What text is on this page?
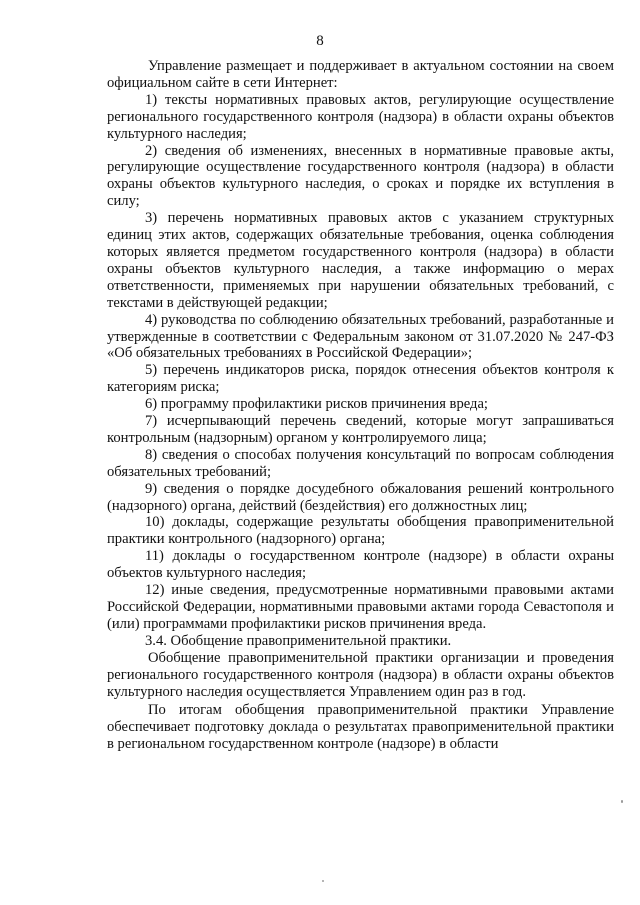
8

Управление размещает и поддерживает в актуальном состоянии на своем официальном сайте в сети Интернет:

1) тексты нормативных правовых актов, регулирующие осуществление регионального государственного контроля (надзора) в области охраны объектов культурного наследия;

2) сведения об изменениях, внесенных в нормативные правовые акты, регулирующие осуществление государственного контроля (надзора) в области охраны объектов культурного наследия, о сроках и порядке их вступления в силу;

3) перечень нормативных правовых актов с указанием структурных единиц этих актов, содержащих обязательные требования, оценка соблюдения которых является предметом государственного контроля (надзора) в области охраны объектов культурного наследия, а также информацию о мерах ответственности, применяемых при нарушении обязательных требований, с текстами в действующей редакции;

4) руководства по соблюдению обязательных требований, разработанные и утвержденные в соответствии с Федеральным законом от 31.07.2020 № 247-ФЗ «Об обязательных требованиях в Российской Федерации»;

5) перечень индикаторов риска, порядок отнесения объектов контроля к категориям риска;

6) программу профилактики рисков причинения вреда;

7) исчерпывающий перечень сведений, которые могут запрашиваться контрольным (надзорным) органом у контролируемого лица;

8) сведения о способах получения консультаций по вопросам соблюдения обязательных требований;

9) сведения о порядке досудебного обжалования решений контрольного (надзорного) органа, действий (бездействия) его должностных лиц;

10) доклады, содержащие результаты обобщения правоприменительной практики контрольного (надзорного) органа;

11) доклады о государственном контроле (надзоре) в области охраны объектов культурного наследия;

12) иные сведения, предусмотренные нормативными правовыми актами Российской Федерации, нормативными правовыми актами города Севастополя и (или) программами профилактики рисков причинения вреда.

3.4. Обобщение правоприменительной практики.

Обобщение правоприменительной практики организации и проведения регионального государственного контроля (надзора) в области охраны объектов культурного наследия осуществляется Управлением один раз в год.

По итогам обобщения правоприменительной практики Управление обеспечивает подготовку доклада о результатах правоприменительной практики в региональном государственном контроле (надзоре) в области
